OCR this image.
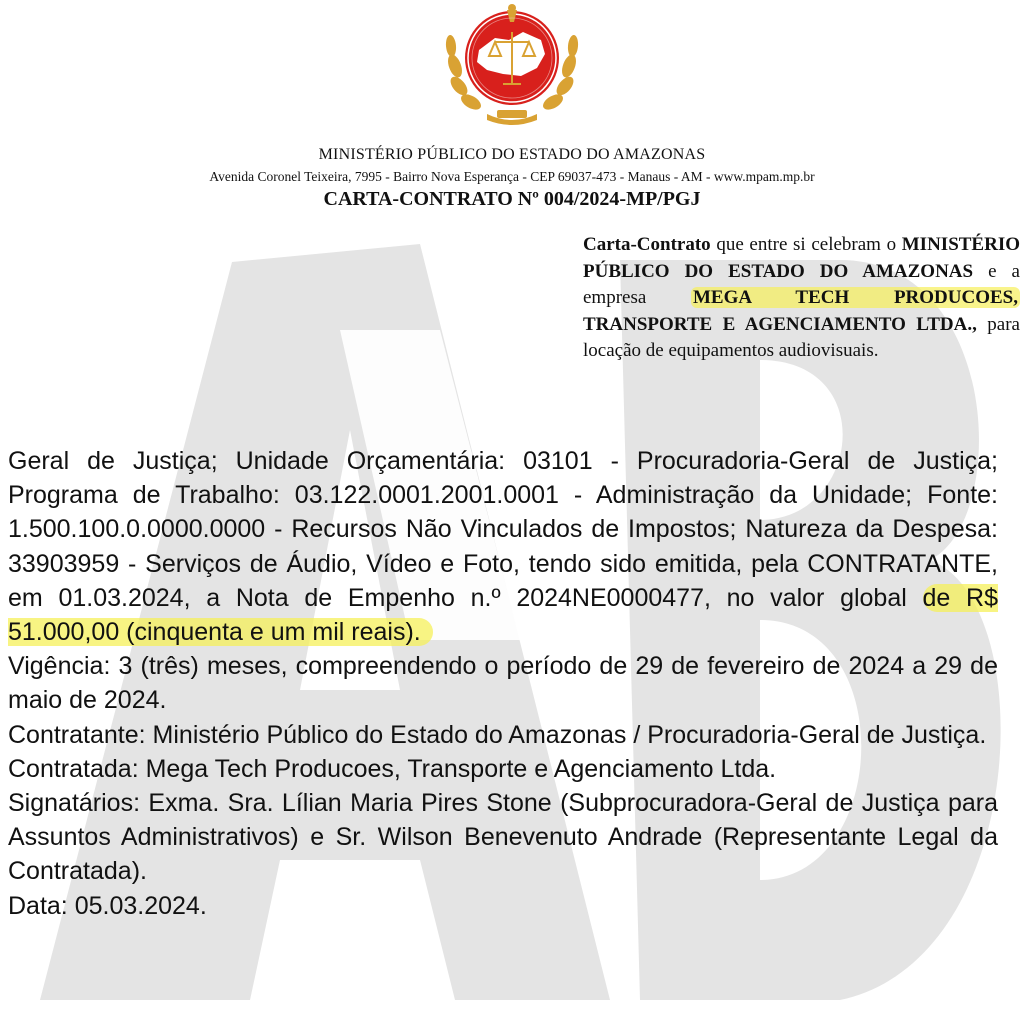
MINISTÉRIO PÚBLICO DO ESTADO DO AMAZONAS
Avenida Coronel Teixeira, 7995 - Bairro Nova Esperança - CEP 69037-473 - Manaus - AM - www.mpam.mp.br
CARTA-CONTRATO Nº 004/2024-MP/PGJ

Carta-Contrato que entre si celebram o MINISTÉRIO PÚBLICO DO ESTADO DO AMAZONAS e a empresa MEGA TECH PRODUCOES, TRANSPORTE E AGENCIAMENTO LTDA., para locação de equipamentos audiovisuais.

Geral de Justiça; Unidade Orçamentária: 03101 - Procuradoria-Geral de Justiça; Programa de Trabalho: 03.122.0001.2001.0001 - Administração da Unidade; Fonte: 1.500.100.0.0000.0000 - Recursos Não Vinculados de Impostos; Natureza da Despesa: 33903959 - Serviços de Áudio, Vídeo e Foto, tendo sido emitida, pela CONTRATANTE, em 01.03.2024, a Nota de Empenho n.º 2024NE0000477, no valor global de R$ 51.000,00 (cinquenta e um mil reais).

Vigência: 3 (três) meses, compreendendo o período de 29 de fevereiro de 2024 a 29 de maio de 2024.

Contratante: Ministério Público do Estado do Amazonas / Procuradoria-Geral de Justiça.

Contratada: Mega Tech Producoes, Transporte e Agenciamento Ltda.

Signatários: Exma. Sra. Lílian Maria Pires Stone (Subprocuradora-Geral de Justiça para Assuntos Administrativos) e Sr. Wilson Benevenuto Andrade (Representante Legal da Contratada).

Data: 05.03.2024.
